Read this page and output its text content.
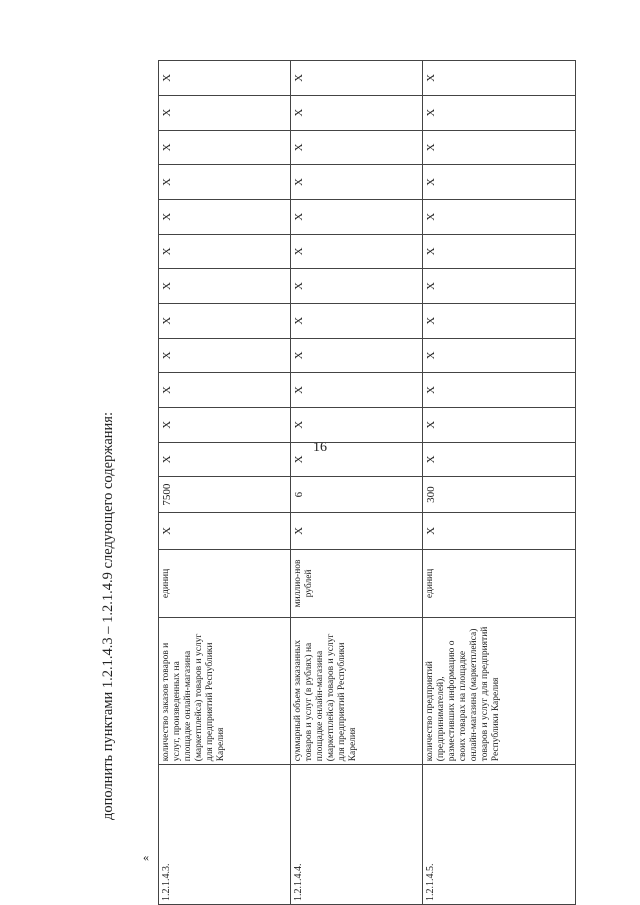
16
дополнить пунктами 1.2.1.4.3 – 1.2.1.4.9 следующего содержания:
«
1.2.1.4.3.	количество заказов товаров и услуг, произведенных на площадке онлайн-магазина (маркетплейса) товаров и услуг для предприятий Республики Карелия	единиц	X	7500	X	X	X	X	X	X	X	X	X	X	X	X
1.2.1.4.4.	суммарный объем заказанных товаров и услуг (в рублях) на площадке онлайн-магазина (маркетплейса) товаров и услуг для предприятий Республики Карелия	миллио-нов рублей	X	6	X	X	X	X	X	X	X	X	X	X	X	X
1.2.1.4.5.	количество предприятий (предпринимателей), разместивших информацию о своих товарах на площадке онлайн-магазина (маркетплейса) товаров и услуг для предприятий Республики Карелия	единиц	X	300	X	X	X	X	X	X	X	X	X	X	X	X
